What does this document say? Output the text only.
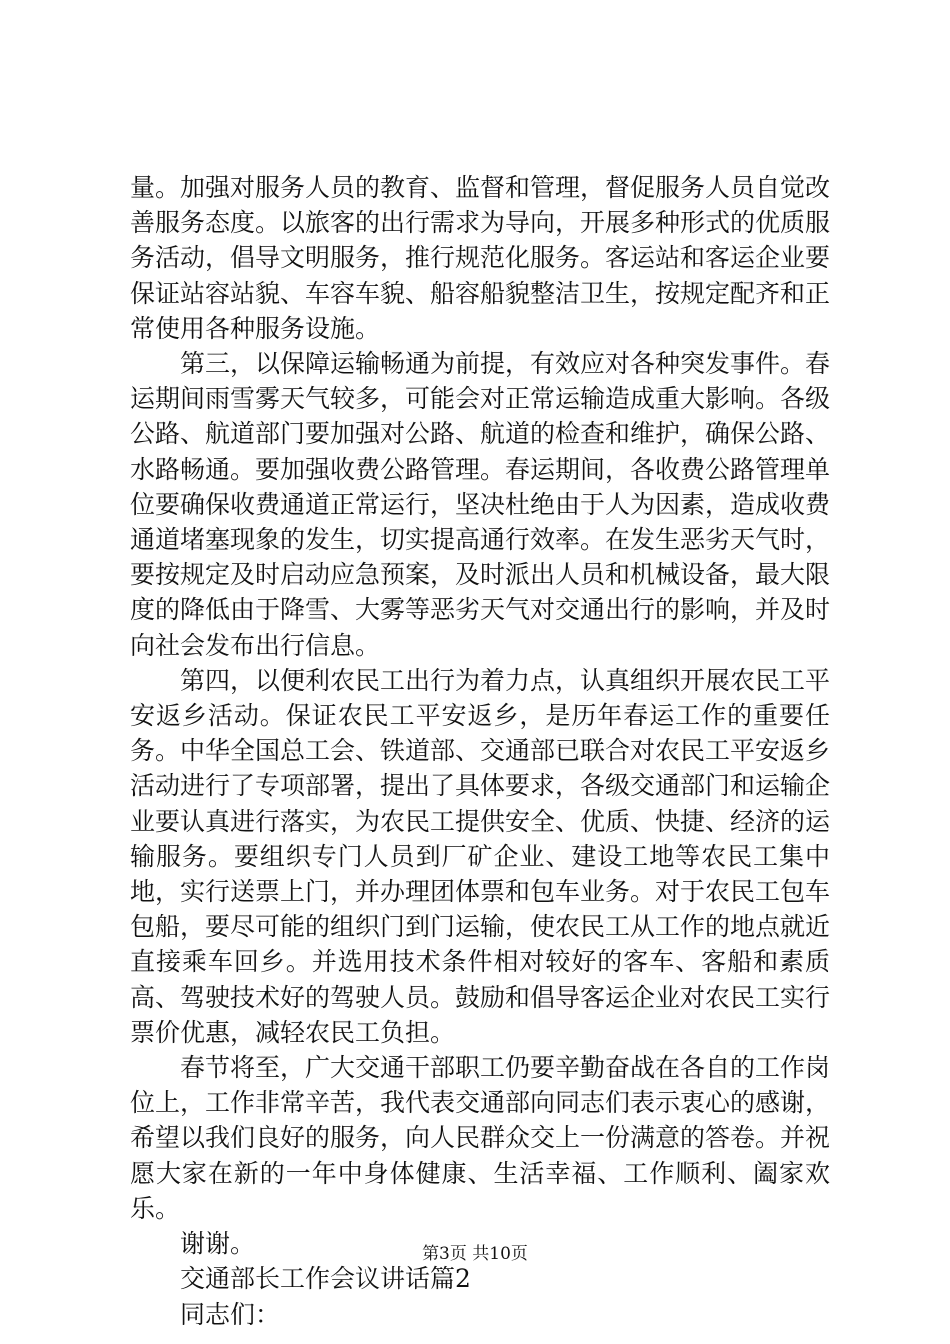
量。加强对服务人员的教育、监督和管理，督促服务人员自觉改善服务态度。以旅客的出行需求为导向，开展多种形式的优质服务活动，倡导文明服务，推行规范化服务。客运站和客运企业要保证站容站貌、车容车貌、船容船貌整洁卫生，按规定配齐和正常使用各种服务设施。

第三，以保障运输畅通为前提，有效应对各种突发事件。春运期间雨雪雾天气较多，可能会对正常运输造成重大影响。各级公路、航道部门要加强对公路、航道的检查和维护，确保公路、水路畅通。要加强收费公路管理。春运期间，各收费公路管理单位要确保收费通道正常运行，坚决杜绝由于人为因素，造成收费通道堵塞现象的发生，切实提高通行效率。在发生恶劣天气时，要按规定及时启动应急预案，及时派出人员和机械设备，最大限度的降低由于降雪、大雾等恶劣天气对交通出行的影响，并及时向社会发布出行信息。

第四，以便利农民工出行为着力点，认真组织开展农民工平安返乡活动。保证农民工平安返乡，是历年春运工作的重要任务。中华全国总工会、铁道部、交通部已联合对农民工平安返乡活动进行了专项部署，提出了具体要求，各级交通部门和运输企业要认真进行落实，为农民工提供安全、优质、快捷、经济的运输服务。要组织专门人员到厂矿企业、建设工地等农民工集中地，实行送票上门，并办理团体票和包车业务。对于农民工包车包船，要尽可能的组织门到门运输，使农民工从工作的地点就近直接乘车回乡。并选用技术条件相对较好的客车、客船和素质高、驾驶技术好的驾驶人员。鼓励和倡导客运企业对农民工实行票价优惠，减轻农民工负担。

春节将至，广大交通干部职工仍要辛勤奋战在各自的工作岗位上，工作非常辛苦，我代表交通部向同志们表示衷心的感谢，希望以我们良好的服务，向人民群众交上一份满意的答卷。并祝愿大家在新的一年中身体健康、生活幸福、工作顺利、阖家欢乐。

谢谢。

交通部长工作会议讲话篇2

同志们：

第3页 共10页
